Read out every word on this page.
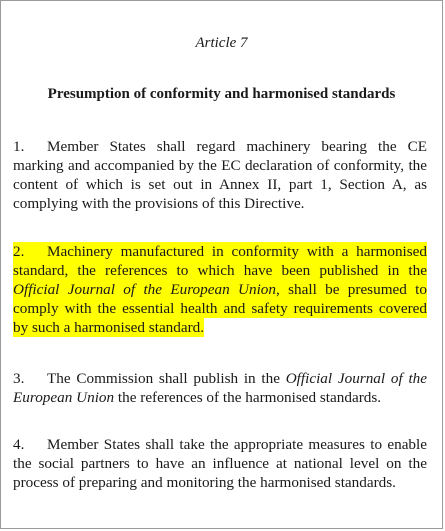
Article 7
Presumption of conformity and harmonised standards

1. Member States shall regard machinery bearing the CE marking and accompanied by the EC declaration of conformity, the content of which is set out in Annex II, part 1, Section A, as complying with the provisions of this Directive.

2. Machinery manufactured in conformity with a harmonised standard, the references to which have been published in the Official Journal of the European Union, shall be presumed to comply with the essential health and safety requirements covered by such a harmonised standard.

3. The Commission shall publish in the Official Journal of the European Union the references of the harmonised standards.

4. Member States shall take the appropriate measures to enable the social partners to have an influence at national level on the process of preparing and monitoring the harmonised standards.
